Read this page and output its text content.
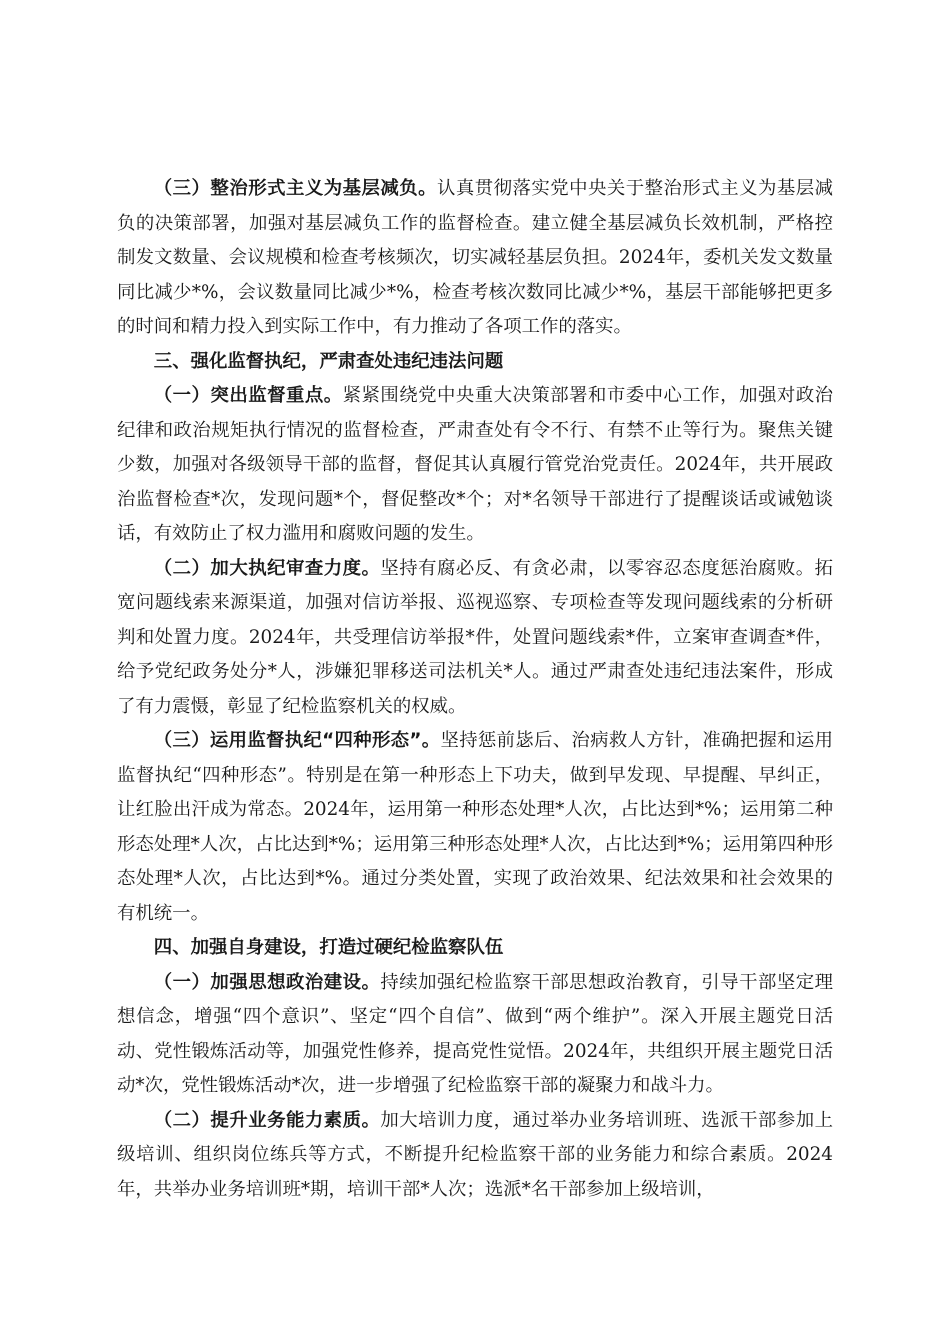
（三）整治形式主义为基层减负。认真贯彻落实党中央关于整治形式主义为基层减负的决策部署，加强对基层减负工作的监督检查。建立健全基层减负长效机制，严格控制发文数量、会议规模和检查考核频次，切实减轻基层负担。2024年，委机关发文数量同比减少*%，会议数量同比减少*%，检查考核次数同比减少*%，基层干部能够把更多的时间和精力投入到实际工作中，有力推动了各项工作的落实。

三、强化监督执纪，严肃查处违纪违法问题

（一）突出监督重点。紧紧围绕党中央重大决策部署和市委中心工作，加强对政治纪律和政治规矩执行情况的监督检查，严肃查处有令不行、有禁不止等行为。聚焦关键少数，加强对各级领导干部的监督，督促其认真履行管党治党责任。2024年，共开展政治监督检查*次，发现问题*个，督促整改*个；对*名领导干部进行了提醒谈话或诫勉谈话，有效防止了权力滥用和腐败问题的发生。

（二）加大执纪审查力度。坚持有腐必反、有贪必肃，以零容忍态度惩治腐败。拓宽问题线索来源渠道，加强对信访举报、巡视巡察、专项检查等发现问题线索的分析研判和处置力度。2024年，共受理信访举报*件，处置问题线索*件，立案审查调查*件，给予党纪政务处分*人，涉嫌犯罪移送司法机关*人。通过严肃查处违纪违法案件，形成了有力震慑，彰显了纪检监察机关的权威。

（三）运用监督执纪“四种形态”。坚持惩前毖后、治病救人方针，准确把握和运用监督执纪“四种形态”。特别是在第一种形态上下功夫，做到早发现、早提醒、早纠正，让红脸出汗成为常态。2024年，运用第一种形态处理*人次，占比达到*%；运用第二种形态处理*人次，占比达到*%；运用第三种形态处理*人次，占比达到*%；运用第四种形态处理*人次，占比达到*%。通过分类处置，实现了政治效果、纪法效果和社会效果的有机统一。

四、加强自身建设，打造过硬纪检监察队伍

（一）加强思想政治建设。持续加强纪检监察干部思想政治教育，引导干部坚定理想信念，增强“四个意识”、坚定“四个自信”、做到“两个维护”。深入开展主题党日活动、党性锻炼活动等，加强党性修养，提高党性觉悟。2024年，共组织开展主题党日活动*次，党性锻炼活动*次，进一步增强了纪检监察干部的凝聚力和战斗力。

（二）提升业务能力素质。加大培训力度，通过举办业务培训班、选派干部参加上级培训、组织岗位练兵等方式，不断提升纪检监察干部的业务能力和综合素质。2024年，共举办业务培训班*期，培训干部*人次；选派*名干部参加上级培训，
